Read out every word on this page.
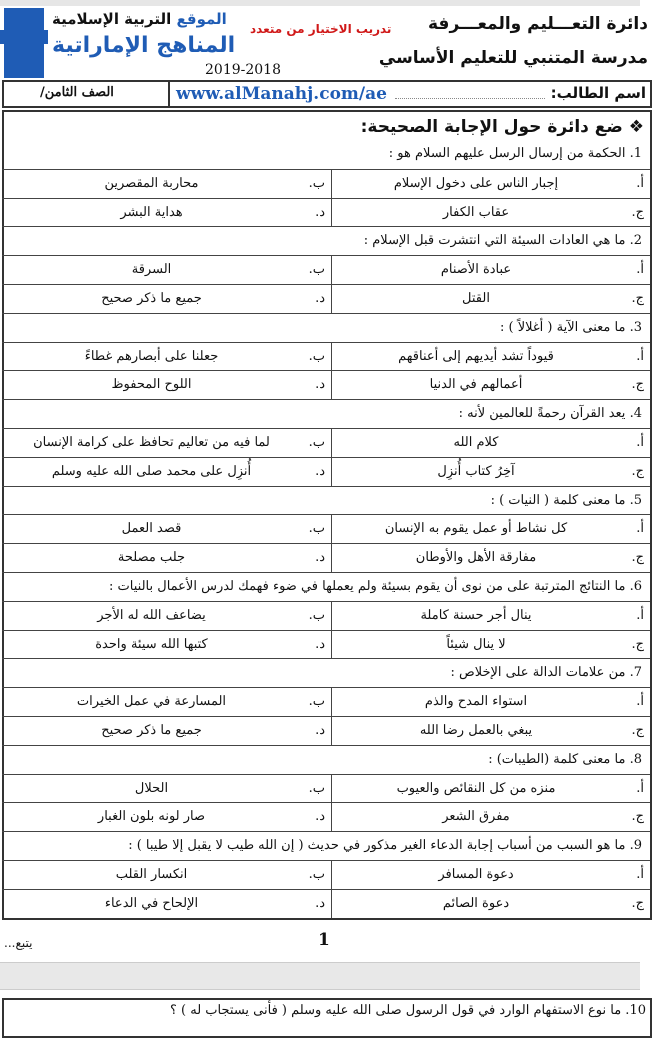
دائرة التعـــليم والمعـــرفة
مدرسة المتنبي للتعليم الأساسي
تدريب الاختيار من متعدد
الموقع التربية الإسلامية
2019-2018
المناهج الإماراتية
اسم الطالب:
الصف الثامن/	www.alManahj.com/ae
❖ ضع دائرة حول الإجابة الصحيحة:
1. الحكمة من إرسال الرسل عليهم السلام هو :
أ.
إجبار الناس على دخول الإسلام
ب.
محاربة المقصرين
ج.
عقاب الكفار
د.
هداية البشر
2. ما هي العادات السيئة التي انتشرت قبل الإسلام :
أ.
عبادة الأصنام
ب.
السرقة
ج.
القتل
د.
جميع ما ذكر صحيح
3. ما معنى الآية ( أغلالاً ) :
أ.
قيوداً تشد أيديهم إلى أعناقهم
ب.
جعلنا على أبصارهم غطاءً
ج.
أعمالهم في الدنيا
د.
اللوح المحفوظ
4. يعد القرآن رحمةً للعالمين لأنه :
أ.
كلام الله
ب.
لما فيه من تعاليم تحافظ على كرامة الإنسان
ج.
آخِرُ كتاب أُنزِل
د.
أُنزِل على محمد صلى الله عليه وسلم
5. ما معنى كلمة ( النيات ) :
أ.
كل نشاط أو عمل يقوم به الإنسان
ب.
قصد العمل
ج.
مفارقة الأهل والأوطان
د.
جلب مصلحة
6. ما النتائج المترتبة على من نوى أن يقوم بسيئة ولم يعملها في ضوء فهمك لدرس الأعمال بالنيات :
أ.
ينال أجر حسنة كاملة
ب.
يضاعف الله له الأجر
ج.
لا ينال شيئاً
د.
كتبها الله سيئة واحدة
7. من علامات الدالة على الإخلاص :
أ.
استواء المدح والذم
ب.
المسارعة في عمل الخيرات
ج.
يبغي بالعمل رضا الله
د.
جميع ما ذكر صحيح
8. ما معنى كلمة (الطيبات) :
أ.
منزه من كل النقائص والعيوب
ب.
الحلال
ج.
مفرق الشعر
د.
صار لونه بلون الغبار
9. ما هو السبب من أسباب إجابة الدعاء الغير مذكور في حديث ( إن الله طيب لا يقبل إلا طيبا ) :
أ.
دعوة المسافر
ب.
انكسار القلب
ج.
دعوة الصائم
د.
الإلحاح في الدعاء
1
يتبع...
10. ما نوع الاستفهام الوارد في قول الرسول صلى الله عليه وسلم ( فأنى يستجاب له ) ؟
